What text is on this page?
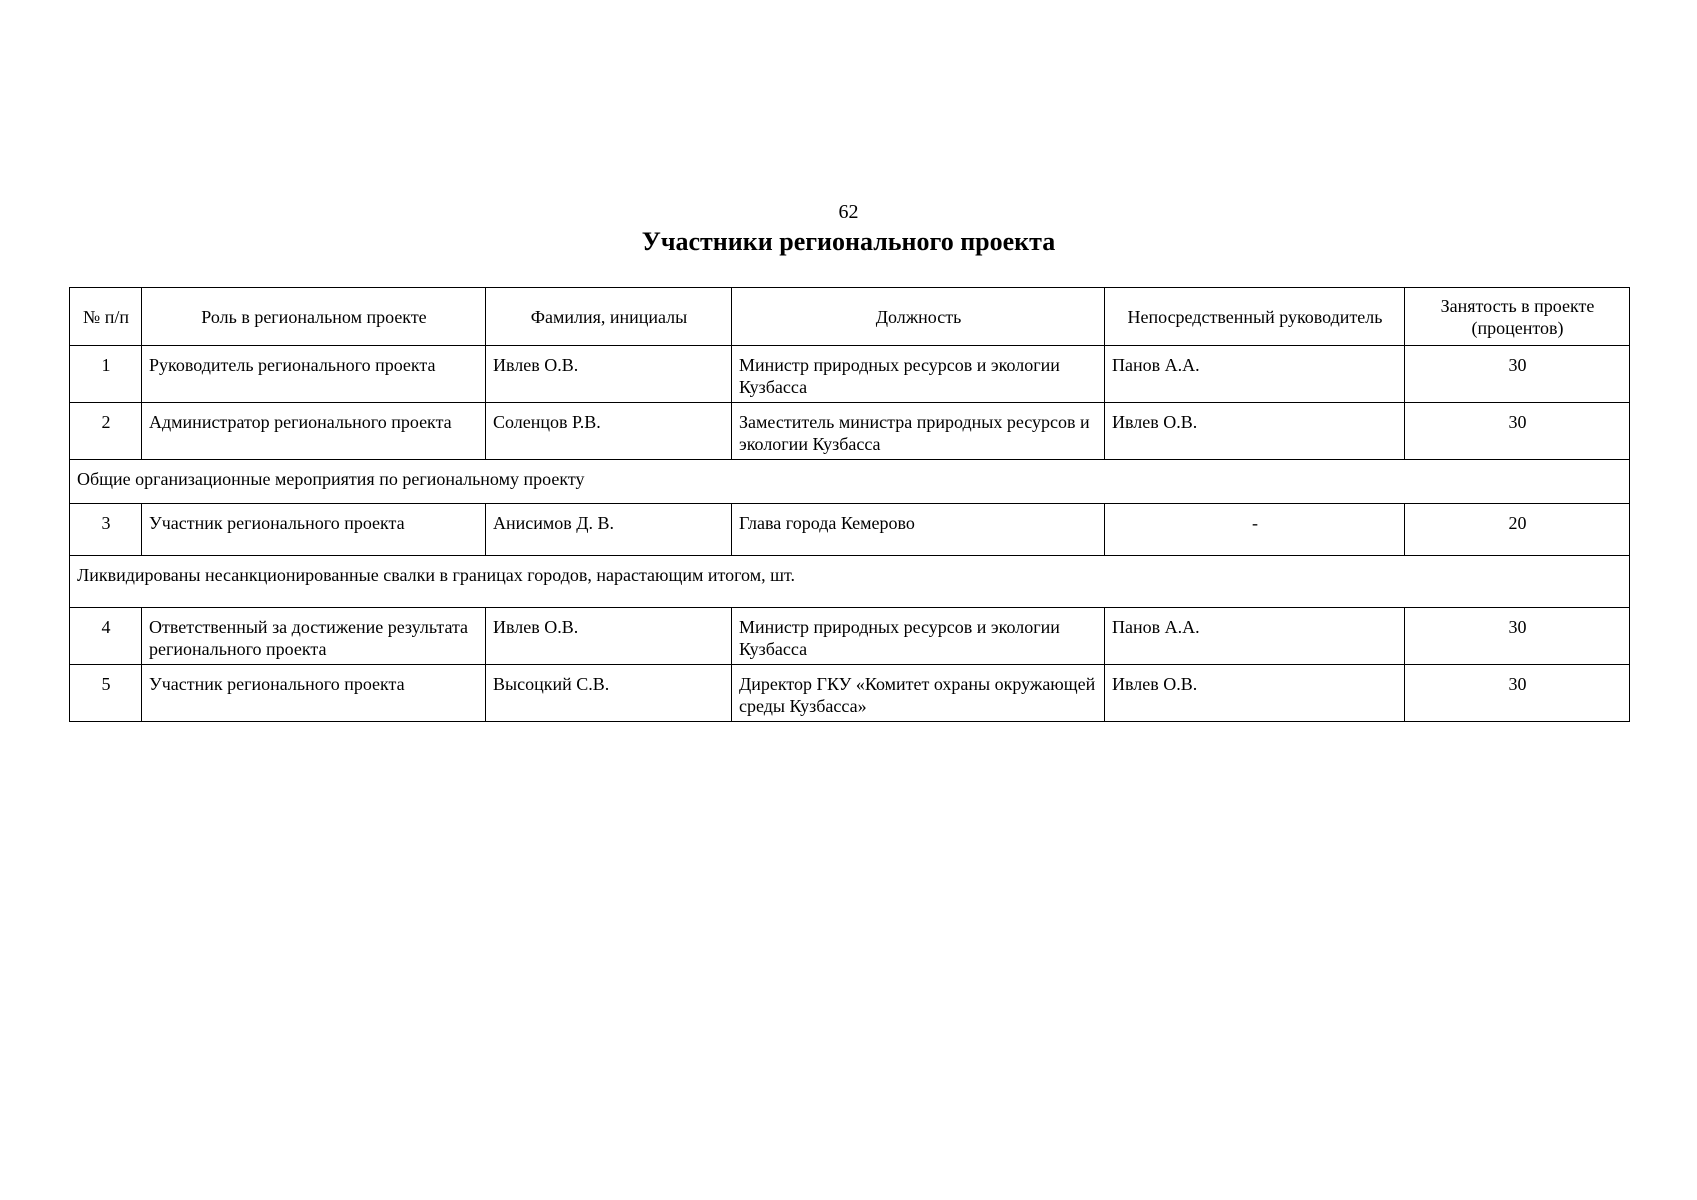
62
Участники регионального проекта
№ п/п	Роль в региональном проекте	Фамилия, инициалы	Должность	Непосредственный руководитель	Занятость в проекте (процентов)
1	Руководитель регионального проекта	Ивлев О.В.	Министр природных ресурсов и экологии Кузбасса	Панов А.А.	30
2	Администратор регионального проекта	Соленцов Р.В.	Заместитель министра природных ресурсов и экологии Кузбасса	Ивлев О.В.	30
Общие организационные мероприятия по региональному проекту					
3	Участник регионального проекта	Анисимов Д. В.	Глава города Кемерово	-	20
Ликвидированы несанкционированные свалки в границах городов, нарастающим итогом, шт.					
4	Ответственный за достижение результата регионального проекта	Ивлев О.В.	Министр природных ресурсов и экологии Кузбасса	Панов А.А.	30
5	Участник регионального проекта	Высоцкий С.В.	Директор ГКУ «Комитет охраны окружающей среды Кузбасса»	Ивлев О.В.	30
